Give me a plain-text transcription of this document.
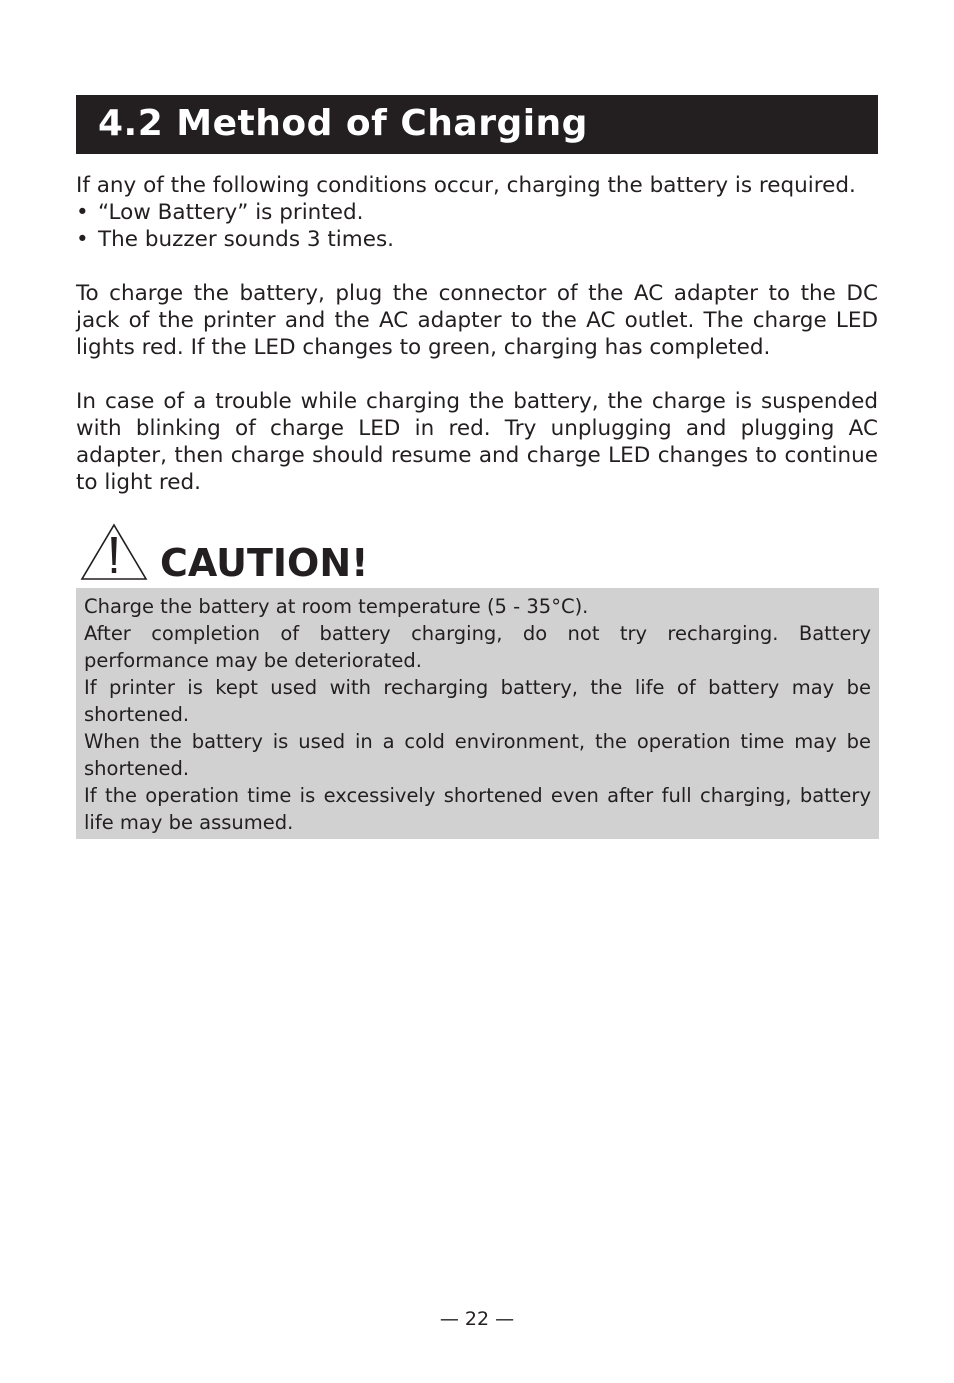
4.2 Method of Charging

If any of the following conditions occur, charging the battery is required.

• “Low Battery” is printed.
• The buzzer sounds 3 times.

To charge the battery, plug the connector of the AC adapter to the DC jack of the printer and the AC adapter to the AC outlet. The charge LED lights red. If the LED changes to green, charging has completed.

In case of a trouble while charging the battery, the charge is suspended with blinking of charge LED in red. Try unplugging and plugging AC adapter, then charge should resume and charge LED changes to continue to light red.

CAUTION!

Charge the battery at room temperature (5 - 35°C).

After completion of battery charging, do not try recharging. Battery performance may be deteriorated.

If printer is kept used with recharging battery, the life of battery may be shortened.

When the battery is used in a cold environment, the operation time may be shortened.

If the operation time is excessively shortened even after full charging, battery life may be assumed.

— 22 —
